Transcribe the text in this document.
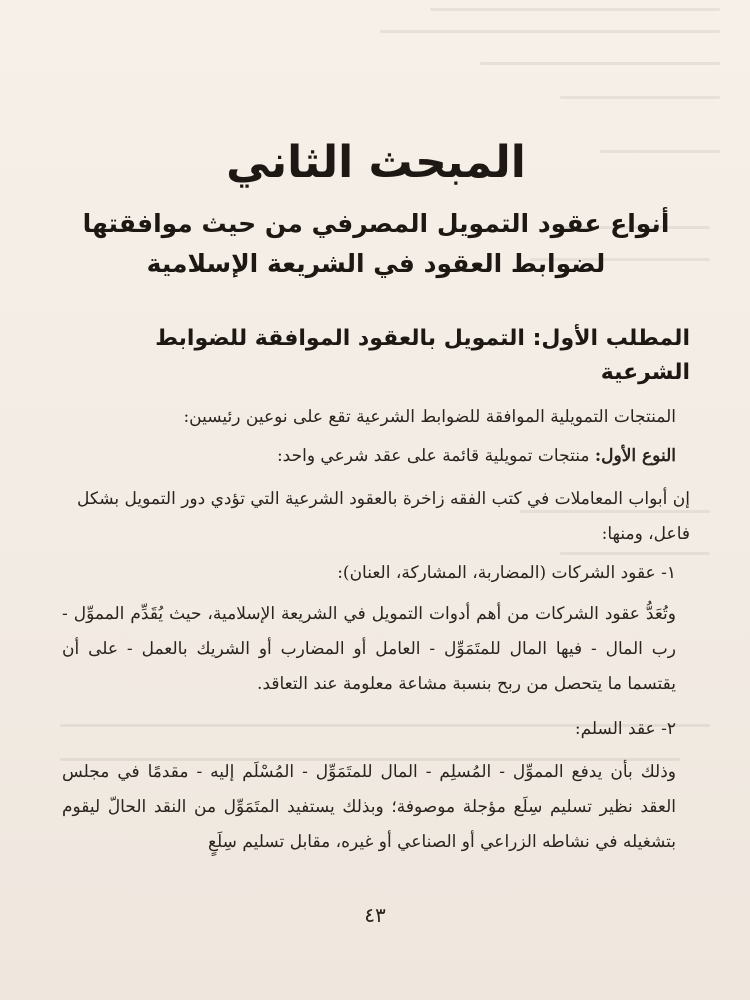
المبحث الثاني
أنواع عقود التمويل المصرفي من حيث موافقتها
لضوابط العقود في الشريعة الإسلامية
المطلب الأول: التمويل بالعقود الموافقة للضوابط الشرعية

المنتجات التمويلية الموافقة للضوابط الشرعية تقع على نوعين رئيسين:

النوع الأول: منتجات تمويلية قائمة على عقد شرعي واحد:

إن أبواب المعاملات في كتب الفقه زاخرة بالعقود الشرعية التي تؤدي دور التمويل بشكل فاعل، ومنها:

١- عقود الشركات (المضاربة، المشاركة، العنان):

وتُعَدُّ عقود الشركات من أهم أدوات التمويل في الشريعة الإسلامية، حيث يُقَدِّم المموِّل - رب المال - فيها المال للمتَمَوِّل - العامل أو المضارب أو الشريك بالعمل - على أن يقتسما ما يتحصل من ربح بنسبة مشاعة معلومة عند التعاقد.

٢- عقد السلم:

وذلك بأن يدفع المموِّل - المُسلِم - المال للمتَمَوِّل - المُسْلَم إليه - مقدمًا في مجلس العقد نظير تسليم سِلَع مؤجلة موصوفة؛ وبذلك يستفيد المتَمَوِّل من النقد الحالّ ليقوم بتشغيله في نشاطه الزراعي أو الصناعي أو غيره، مقابل تسليم سِلَعٍ

٤٣
